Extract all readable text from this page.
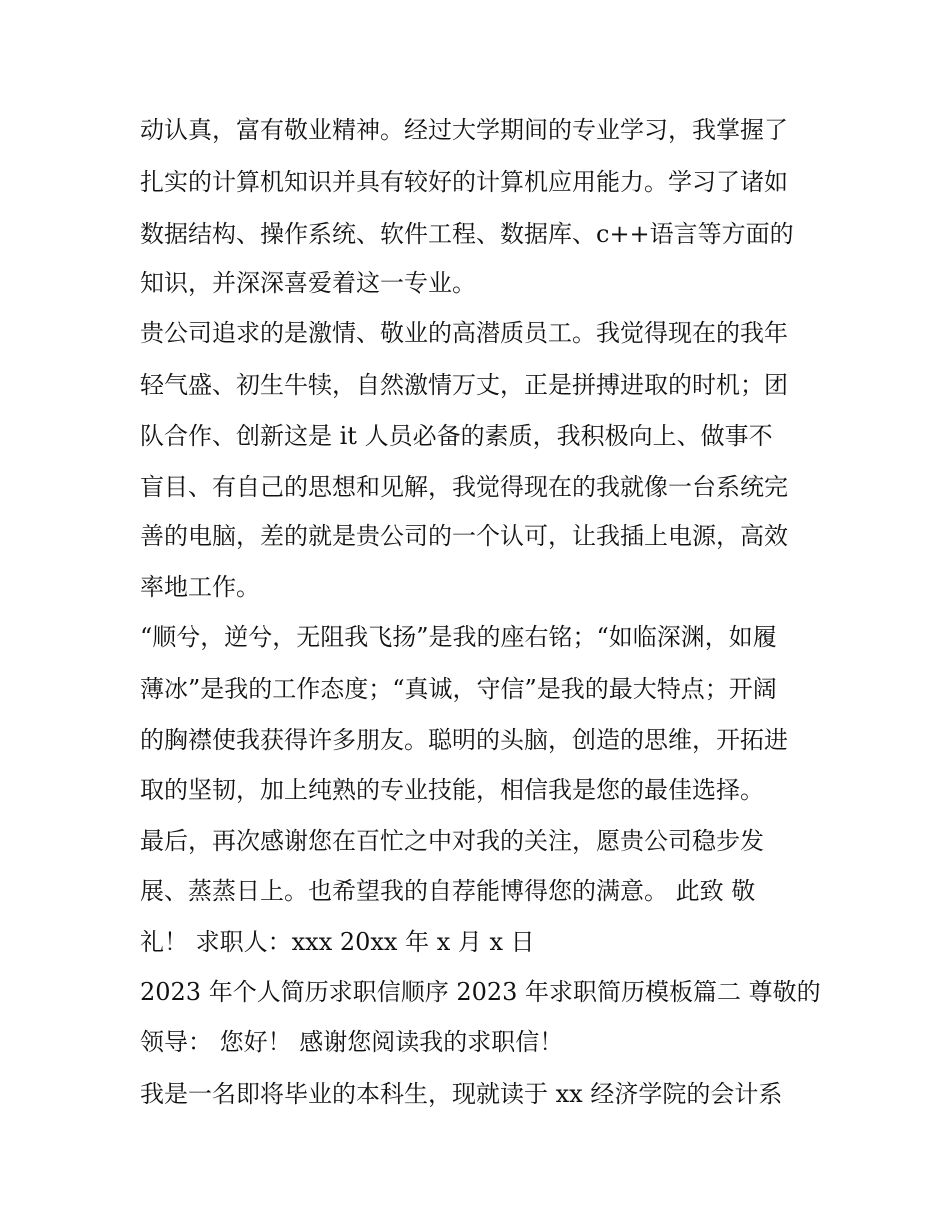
动认真，富有敬业精神。经过大学期间的专业学习，我掌握了
扎实的计算机知识并具有较好的计算机应用能力。学习了诸如
数据结构、操作系统、软件工程、数据库、c++语言等方面的
知识，并深深喜爱着这一专业。
贵公司追求的是激情、敬业的高潜质员工。我觉得现在的我年
轻气盛、初生牛犊，自然激情万丈，正是拼搏进取的时机；团
队合作、创新这是 it 人员必备的素质，我积极向上、做事不
盲目、有自己的思想和见解，我觉得现在的我就像一台系统完
善的电脑，差的就是贵公司的一个认可，让我插上电源，高效
率地工作。
“顺兮，逆兮，无阻我飞扬”是我的座右铭；“如临深渊，如履
薄冰”是我的工作态度；“真诚，守信”是我的最大特点；开阔
的胸襟使我获得许多朋友。聪明的头脑，创造的思维，开拓进
取的坚韧，加上纯熟的专业技能，相信我是您的最佳选择。
最后，再次感谢您在百忙之中对我的关注，愿贵公司稳步发
展、蒸蒸日上。也希望我的自荐能博得您的满意。 此致 敬
礼！ 求职人：xxx 20xx 年 x 月 x 日
2023 年个人简历求职信顺序 2023 年求职简历模板篇二 尊敬的
领导： 您好！ 感谢您阅读我的求职信！
我是一名即将毕业的本科生，现就读于 xx 经济学院的会计系
